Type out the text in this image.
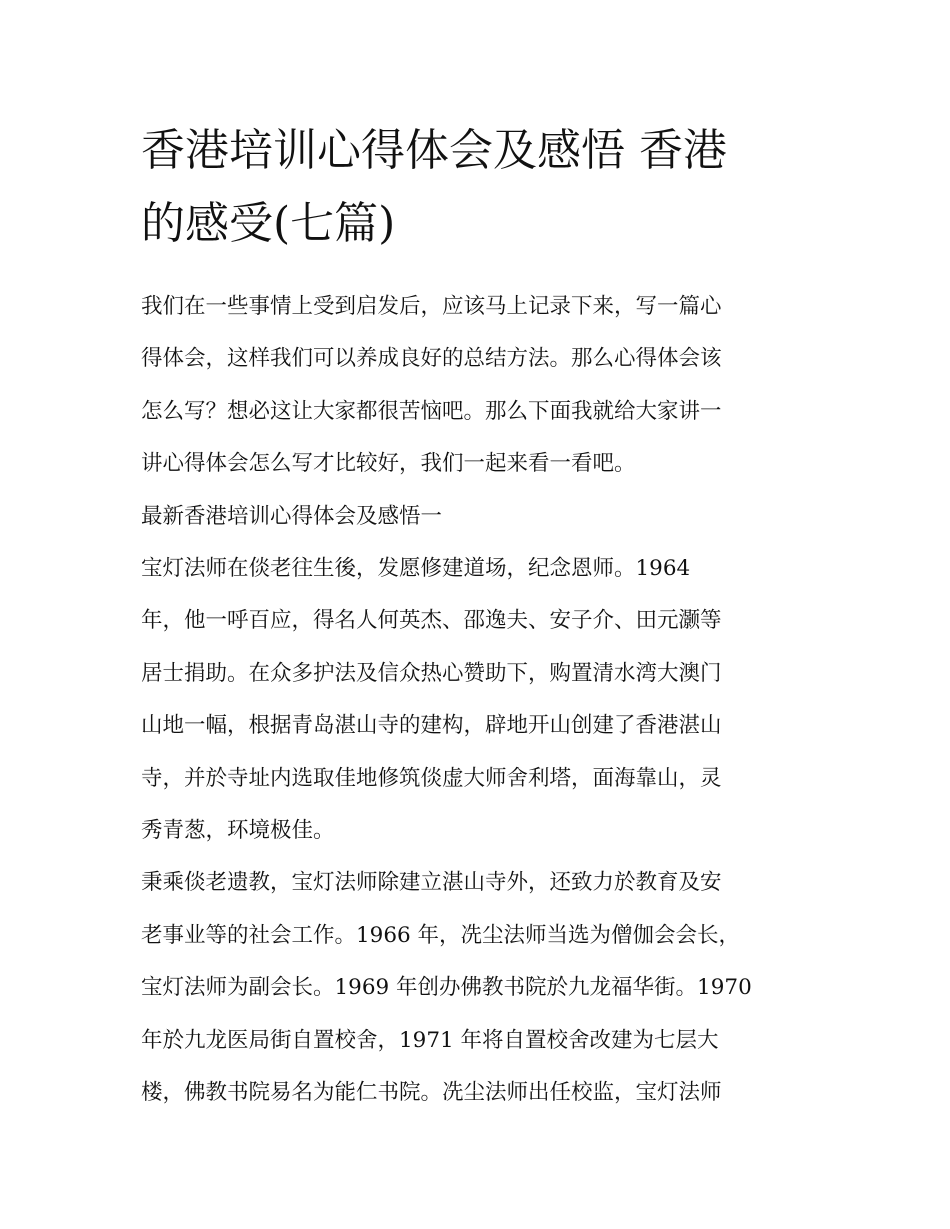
香港培训心得体会及感悟 香港
的感受(七篇)

我们在一些事情上受到启发后，应该马上记录下来，写一篇心
得体会，这样我们可以养成良好的总结方法。那么心得体会该
怎么写？想必这让大家都很苦恼吧。那么下面我就给大家讲一
讲心得体会怎么写才比较好，我们一起来看一看吧。

最新香港培训心得体会及感悟一

宝灯法师在倓老往生後，发愿修建道场，纪念恩师。1964
年，他一呼百应，得名人何英杰、邵逸夫、安子介、田元灏等
居士捐助。在众多护法及信众热心赞助下，购置清水湾大澳门
山地一幅，根据青岛湛山寺的建构，辟地开山创建了香港湛山
寺，并於寺址内选取佳地修筑倓虚大师舍利塔，面海靠山，灵
秀青葱，环境极佳。

秉乘倓老遗教，宝灯法师除建立湛山寺外，还致力於教育及安
老事业等的社会工作。1966 年，冼尘法师当选为僧伽会会长，
宝灯法师为副会长。1969 年创办佛教书院於九龙福华街。1970
年於九龙医局街自置校舍，1971 年将自置校舍改建为七层大
楼，佛教书院易名为能仁书院。冼尘法师出任校监，宝灯法师
